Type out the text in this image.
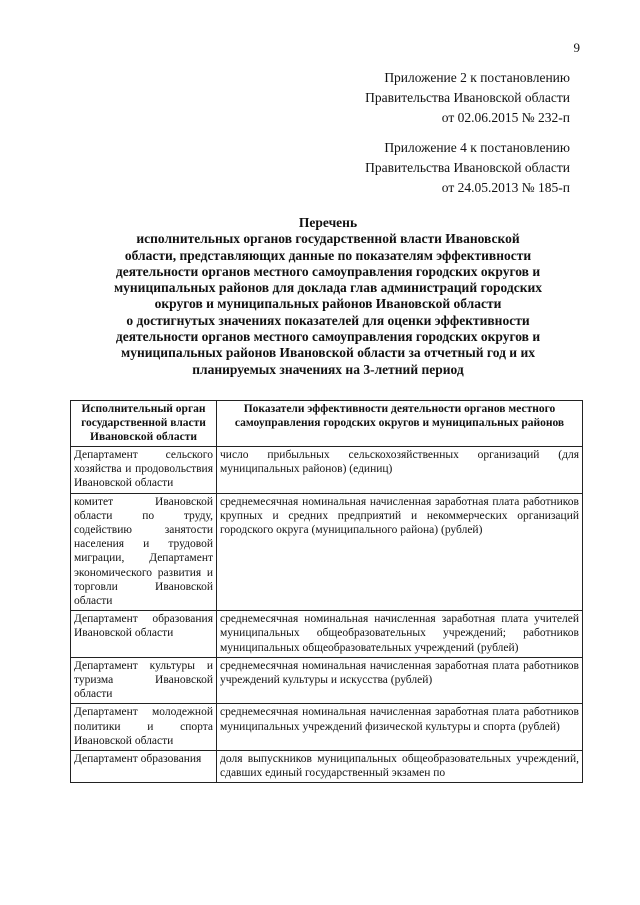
9
Приложение 2 к постановлению
Правительства Ивановской области
от 02.06.2015 № 232-п
Приложение 4 к постановлению
Правительства Ивановской области
от 24.05.2013 № 185-п
Перечень
исполнительных органов государственной власти Ивановской
области, представляющих данные по показателям эффективности
деятельности органов местного самоуправления городских округов и
муниципальных районов для доклада глав администраций городских
округов и муниципальных районов Ивановской области
о достигнутых значениях показателей для оценки эффективности
деятельности органов местного самоуправления городских округов и
муниципальных районов Ивановской области за отчетный год и их
планируемых значениях на 3-летний период
Исполнительный орган государственной власти Ивановской области	Показатели эффективности деятельности органов местного самоуправления городских округов и муниципальных районов
Департамент сельского хозяйства и продовольствия Ивановской области	число прибыльных сельскохозяйственных организаций (для муниципальных районов) (единиц)
комитет Ивановской области по труду, содействию занятости населения и трудовой миграции, Департамент экономического развития и торговли Ивановской области	среднемесячная номинальная начисленная заработная плата работников крупных и средних предприятий и некоммерческих организаций городского округа (муниципального района) (рублей)
Департамент образования Ивановской области	среднемесячная номинальная начисленная заработная плата учителей муниципальных общеобразовательных учреждений; работников муниципальных общеобразовательных учреждений (рублей)
Департамент культуры и туризма Ивановской области	среднемесячная номинальная начисленная заработная плата работников учреждений культуры и искусства (рублей)
Департамент молодежной политики и спорта Ивановской области	среднемесячная номинальная начисленная заработная плата работников муниципальных учреждений физической культуры и спорта (рублей)
Департамент образования	доля выпускников муниципальных общеобразовательных учреждений, сдавших единый государственный экзамен по
